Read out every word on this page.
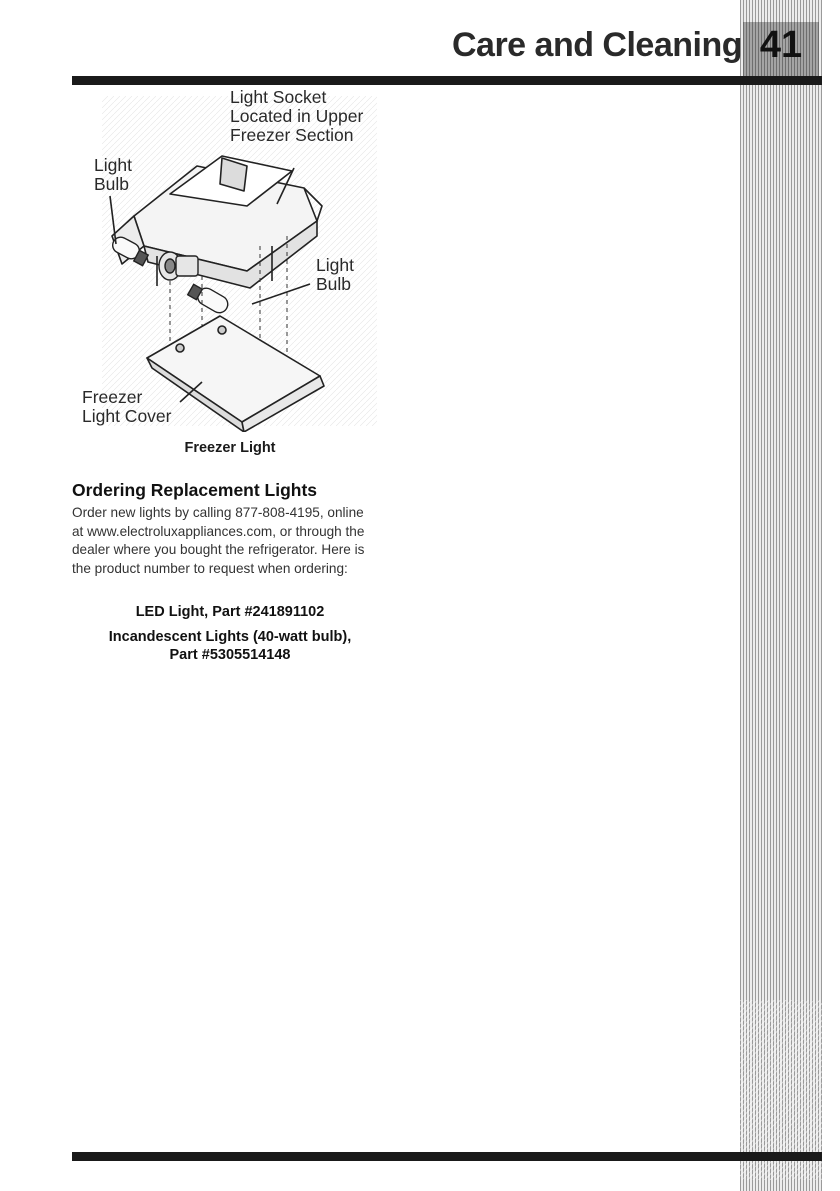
41
Care and Cleaning
Light Socket
Located in Upper
Freezer Section
Light
Bulb
Light
Bulb
Freezer
Light Cover
Freezer Light
Ordering Replacement Lights
Order new lights by calling 877-808-4195, online at www.electroluxappliances.com, or through the dealer where you bought the refrigerator. Here is the product number to request when ordering:
LED Light, Part #241891102
Incandescent Lights (40-watt bulb),
Part #5305514148
